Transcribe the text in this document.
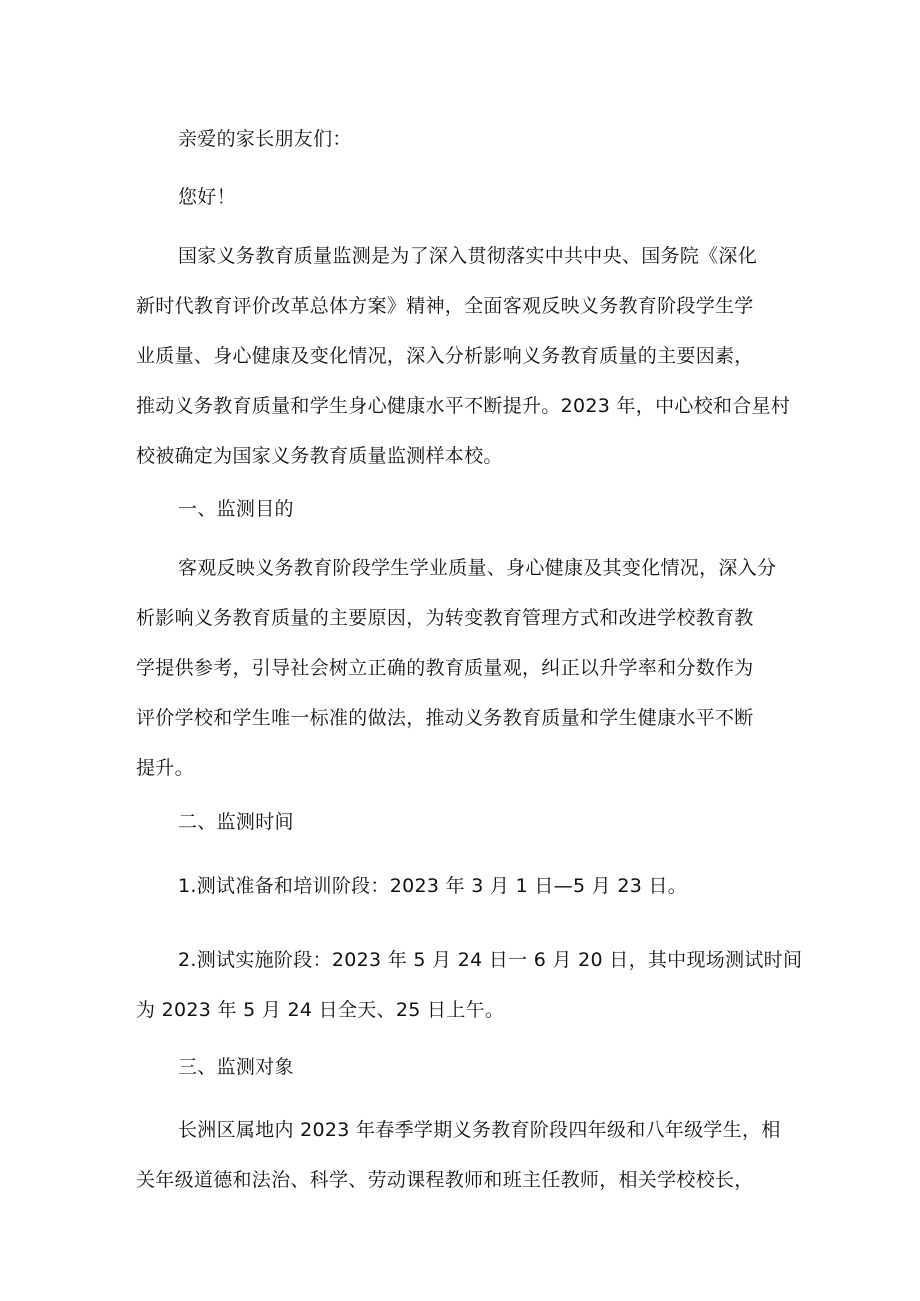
亲爱的家长朋友们：
您好！
国家义务教育质量监测是为了深入贯彻落实中共中央、国务院《深化
新时代教育评价改革总体方案》精神，全面客观反映义务教育阶段学生学
业质量、身心健康及变化情况，深入分析影响义务教育质量的主要因素，
推动义务教育质量和学生身心健康水平不断提升。2023 年，中心校和合星村
校被确定为国家义务教育质量监测样本校。
一、监测目的
客观反映义务教育阶段学生学业质量、身心健康及其变化情况，深入分
析影响义务教育质量的主要原因，为转变教育管理方式和改进学校教育教
学提供参考，引导社会树立正确的教育质量观，纠正以升学率和分数作为
评价学校和学生唯一标准的做法，推动义务教育质量和学生健康水平不断
提升。
二、监测时间
1.测试准备和培训阶段：2023 年 3 月 1 日—5 月 23 日。
2.测试实施阶段：2023 年 5 月 24 日一 6 月 20 日，其中现场测试时间
为 2023 年 5 月 24 日全天、25 日上午。
三、监测对象
长洲区属地内 2023 年春季学期义务教育阶段四年级和八年级学生，相
关年级道德和法治、科学、劳动课程教师和班主任教师，相关学校校长，
